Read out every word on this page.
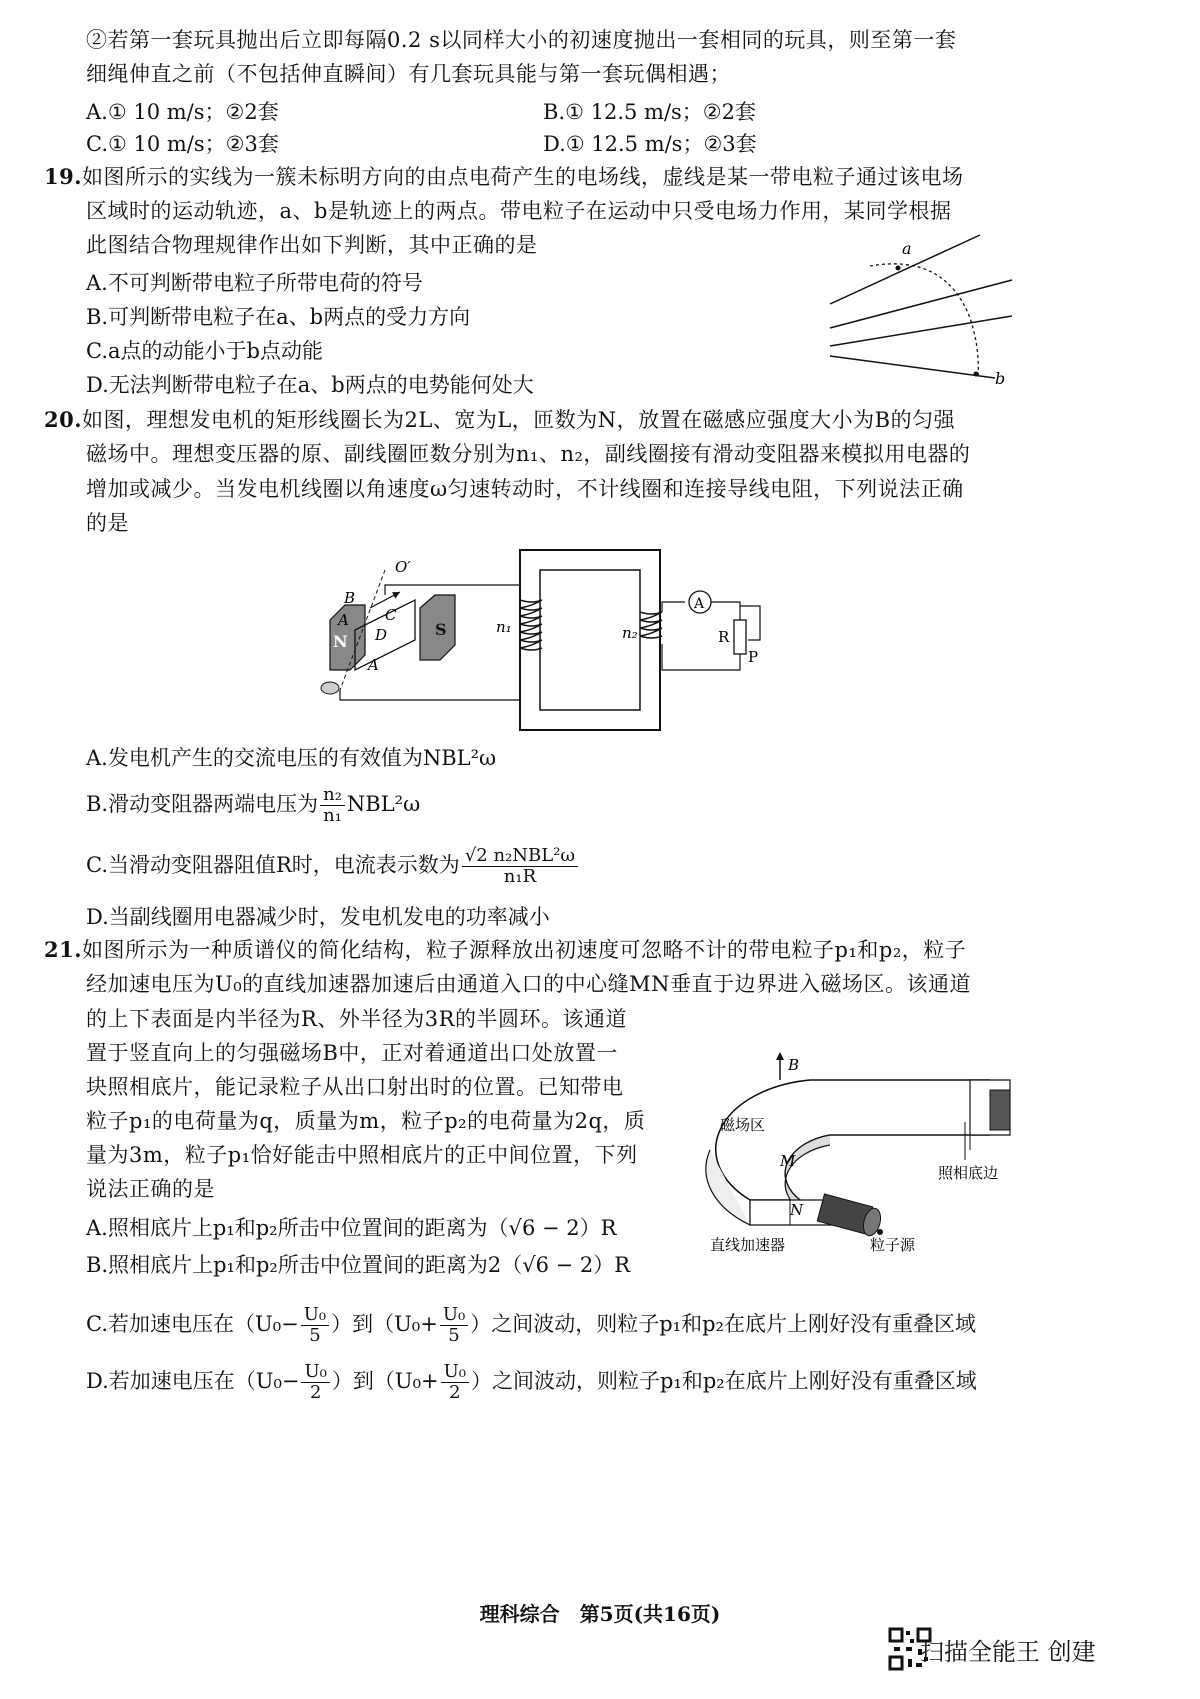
②若第一套玩具抛出后立即每隔0.2 s以同样大小的初速度抛出一套相同的玩具，则至第一套
细绳伸直之前（不包括伸直瞬间）有几套玩具能与第一套玩偶相遇；
A.① 10 m/s；②2套	B.① 12.5 m/s；②2套
C.① 10 m/s；②3套	D.① 12.5 m/s；②3套
19.如图所示的实线为一簇未标明方向的由点电荷产生的电场线，虚线是某一带电粒子通过该电场
区域时的运动轨迹，a、b是轨迹上的两点。带电粒子在运动中只受电场力作用，某同学根据
此图结合物理规律作出如下判断，其中正确的是
A.不可判断带电粒子所带电荷的符号
B.可判断带电粒子在a、b两点的受力方向
C.a点的动能小于b点动能
D.无法判断带电粒子在a、b两点的电势能何处大
a
b
20.如图，理想发电机的矩形线圈长为2L、宽为L，匝数为N，放置在磁感应强度大小为B的匀强
磁场中。理想变压器的原、副线圈匝数分别为n₁、n₂，副线圈接有滑动变阻器来模拟用电器的
增加或减少。当发电机线圈以角速度ω匀速转动时，不计线圈和连接导线电阻，下列说法正确
的是
N
S
O′
B
A C
D
A
n₁	n₂
A
R
P
A.发电机产生的交流电压的有效值为NBL²ω
B.滑动变阻器两端电压为 $\frac{\text{n₂}}{\text{n₁}} NBL^2\omega$
C.当滑动变阻器阻值R时，电流表示数为 $\frac{\text{√2 n₂NBL²ω}}{\text{n₁R}}$
D.当副线圈用电器减少时，发电机发电的功率减小
21.如图所示为一种质谱仪的简化结构，粒子源释放出初速度可忽略不计的带电粒子p₁和p₂，粒子
经加速电压为U₀的直线加速器加速后由通道入口的中心缝MN垂直于边界进入磁场区。该通道
的上下表面是内半径为R、外半径为3R的半圆环。该通道
置于竖直向上的匀强磁场B中，正对着通道出口处放置一
块照相底片，能记录粒子从出口射出时的位置。已知带电
粒子p₁的电荷量为q，质量为m，粒子p₂的电荷量为2q，质
量为3m，粒子p₁恰好能击中照相底片的正中间位置，下列
说法正确的是
A.照相底片上p₁和p₂所击中位置间的距离为（√6 − 2）R
B.照相底片上p₁和p₂所击中位置间的距离为2（√6 − 2）R
C.若加速电压在（$U_0- \frac{\text{U₀}}{5}$ ）到（$U_0+ \frac{\text{U₀}}{5}$ ）之间波动，则粒子p₁和p₂在底片上刚好没有重叠区域
D.若加速电压在（$U_0- \frac{\text{U₀}}{2}$ ）到（$U_0+ \frac{\text{U₀}}{2}$ ）之间波动，则粒子p₁和p₂在底片上刚好没有重叠区域
B
磁场区
M
N
照相底边
直线加速器	粒子源
理科综合　第5页(共16页)
扫描全能王 创建
